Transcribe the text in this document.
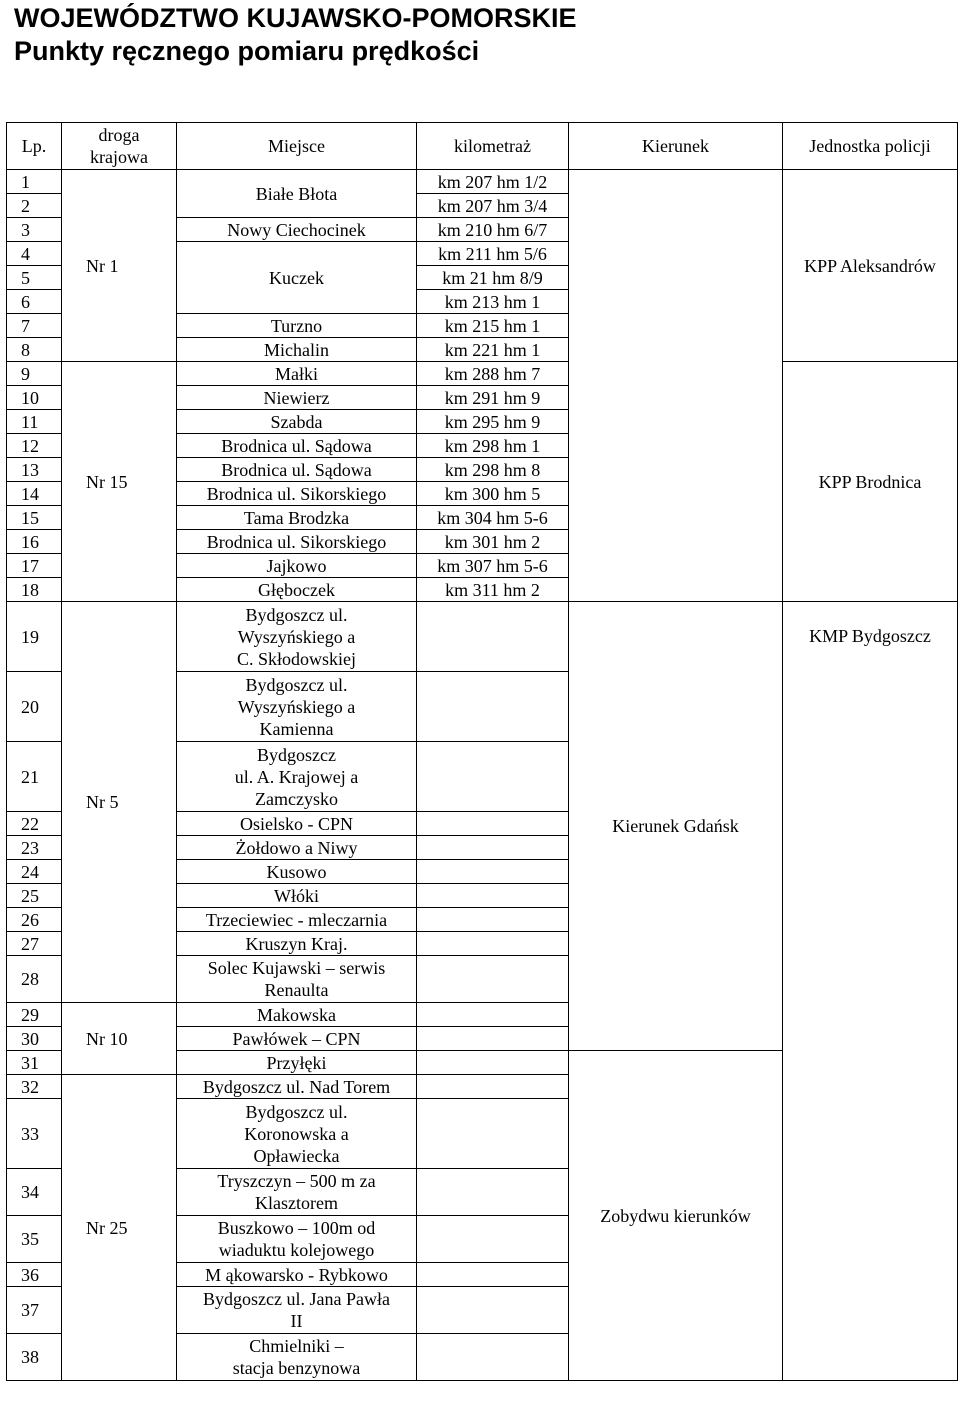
WOJEWÓDZTWO KUJAWSKO-POMORSKIE
Punkty ręcznego pomiaru prędkości
Lp.	droga krajowa	Miejsce	kilometraż	Kierunek	Jednostka policji
1	Nr 1	Białe Błota	km 207 hm 1/2		KPP Aleksandrów
2			km 207 hm 3/4		
3		Nowy Ciechocinek	km 210 hm 6/7		
4		Kuczek	km 211 hm 5/6		
5			km 21 hm 8/9		
6			km 213 hm 1		
7		Turzno	km 215 hm 1		
8		Michalin	km 221 hm 1		
9	Nr 15	Małki	km 288 hm 7		KPP Brodnica
10		Niewierz	km 291 hm 9		
11		Szabda	km 295 hm 9		
12		Brodnica ul. Sądowa	km 298 hm 1		
13		Brodnica ul. Sądowa	km 298 hm 8		
14		Brodnica ul. Sikorskiego	km 300 hm 5		
15		Tama Brodzka	km 304 hm 5-6		
16		Brodnica ul. Sikorskiego	km 301 hm 2		
17		Jajkowo	km 307 hm 5-6		
18		Głęboczek	km 311 hm 2		
19	Nr 5	Bydgoszcz ul.
Wyszyńskiego a
C. Skłodowskiej		Kierunek Gdańsk	KMP Bydgoszcz
20		Bydgoszcz ul.
Wyszyńskiego a
Kamienna			

21		Bydgoszcz
ul. A. Krajowej a
Zamczysko			

22		Osielsko - CPN			
23		Żołdowo a Niwy			
24		Kusowo			
25		Włóki			
26		Trzeciewiec - mleczarnia			
27		Kruszyn Kraj.			
28		Solec Kujawski – serwis
Renaulta			

29	Nr 10	Makowska			
30		Pawłówek – CPN			
31		Przyłęki		Zobydwu kierunków	
32	Nr 25	Bydgoszcz ul. Nad Torem			
33		Bydgoszcz ul.
Koronowska a
Opławiecka			

34		Tryszczyn – 500 m za
Klasztorem			

35		Buszkowo – 100m od
wiaduktu kolejowego			

36		M ąkowarsko - Rybkowo			
37		Bydgoszcz ul. Jana Pawła
II			

38		Chmielniki –
stacja benzynowa			
